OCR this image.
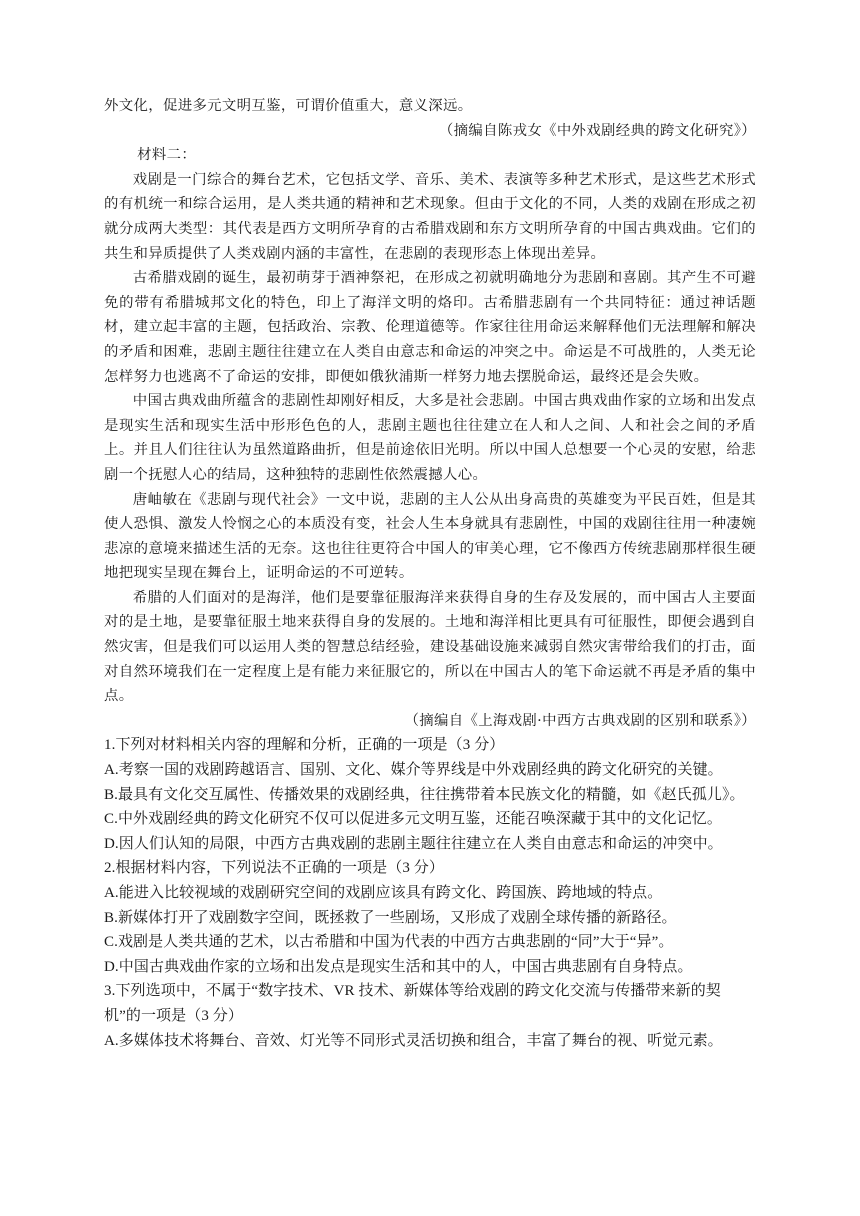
外文化，促进多元文明互鉴，可谓价值重大，意义深远。

（摘编自陈戎女《中外戏剧经典的跨文化研究》）

材料二：

戏剧是一门综合的舞台艺术，它包括文学、音乐、美术、表演等多种艺术形式，是这些艺术形式的有机统一和综合运用，是人类共通的精神和艺术现象。但由于文化的不同，人类的戏剧在形成之初就分成两大类型：其代表是西方文明所孕育的古希腊戏剧和东方文明所孕育的中国古典戏曲。它们的共生和异质提供了人类戏剧内涵的丰富性，在悲剧的表现形态上体现出差异。

古希腊戏剧的诞生，最初萌芽于酒神祭祀，在形成之初就明确地分为悲剧和喜剧。其产生不可避免的带有希腊城邦文化的特色，印上了海洋文明的烙印。古希腊悲剧有一个共同特征：通过神话题材，建立起丰富的主题，包括政治、宗教、伦理道德等。作家往往用命运来解释他们无法理解和解决的矛盾和困难，悲剧主题往往建立在人类自由意志和命运的冲突之中。命运是不可战胜的，人类无论怎样努力也逃离不了命运的安排，即便如俄狄浦斯一样努力地去摆脱命运，最终还是会失败。

中国古典戏曲所蕴含的悲剧性却刚好相反，大多是社会悲剧。中国古典戏曲作家的立场和出发点是现实生活和现实生活中形形色色的人，悲剧主题也往往建立在人和人之间、人和社会之间的矛盾上。并且人们往往认为虽然道路曲折，但是前途依旧光明。所以中国人总想要一个心灵的安慰，给悲剧一个抚慰人心的结局，这种独特的悲剧性依然震撼人心。

唐岫敏在《悲剧与现代社会》一文中说，悲剧的主人公从出身高贵的英雄变为平民百姓，但是其使人恐惧、激发人怜悯之心的本质没有变，社会人生本身就具有悲剧性，中国的戏剧往往用一种凄婉悲凉的意境来描述生活的无奈。这也往往更符合中国人的审美心理，它不像西方传统悲剧那样很生硬地把现实呈现在舞台上，证明命运的不可逆转。

希腊的人们面对的是海洋，他们是要靠征服海洋来获得自身的生存及发展的，而中国古人主要面对的是土地，是要靠征服土地来获得自身的发展的。土地和海洋相比更具有可征服性，即便会遇到自然灾害，但是我们可以运用人类的智慧总结经验，建设基础设施来减弱自然灾害带给我们的打击，面对自然环境我们在一定程度上是有能力来征服它的，所以在中国古人的笔下命运就不再是矛盾的集中点。

（摘编自《上海戏剧·中西方古典戏剧的区别和联系》）

1.下列对材料相关内容的理解和分析，正确的一项是（3 分）

A.考察一国的戏剧跨越语言、国别、文化、媒介等界线是中外戏剧经典的跨文化研究的关键。

B.最具有文化交互属性、传播效果的戏剧经典，往往携带着本民族文化的精髓，如《赵氏孤儿》。

C.中外戏剧经典的跨文化研究不仅可以促进多元文明互鉴，还能召唤深藏于其中的文化记忆。

D.因人们认知的局限，中西方古典戏剧的悲剧主题往往建立在人类自由意志和命运的冲突中。

2.根据材料内容，下列说法不正确的一项是（3 分）

A.能进入比较视域的戏剧研究空间的戏剧应该具有跨文化、跨国族、跨地域的特点。

B.新媒体打开了戏剧数字空间，既拯救了一些剧场，又形成了戏剧全球传播的新路径。

C.戏剧是人类共通的艺术，以古希腊和中国为代表的中西方古典悲剧的“同”大于“异”。

D.中国古典戏曲作家的立场和出发点是现实生活和其中的人，中国古典悲剧有自身特点。

3.下列选项中，不属于“数字技术、VR 技术、新媒体等给戏剧的跨文化交流与传播带来新的契机”的一项是（3 分）

A.多媒体技术将舞台、音效、灯光等不同形式灵活切换和组合，丰富了舞台的视、听觉元素。
